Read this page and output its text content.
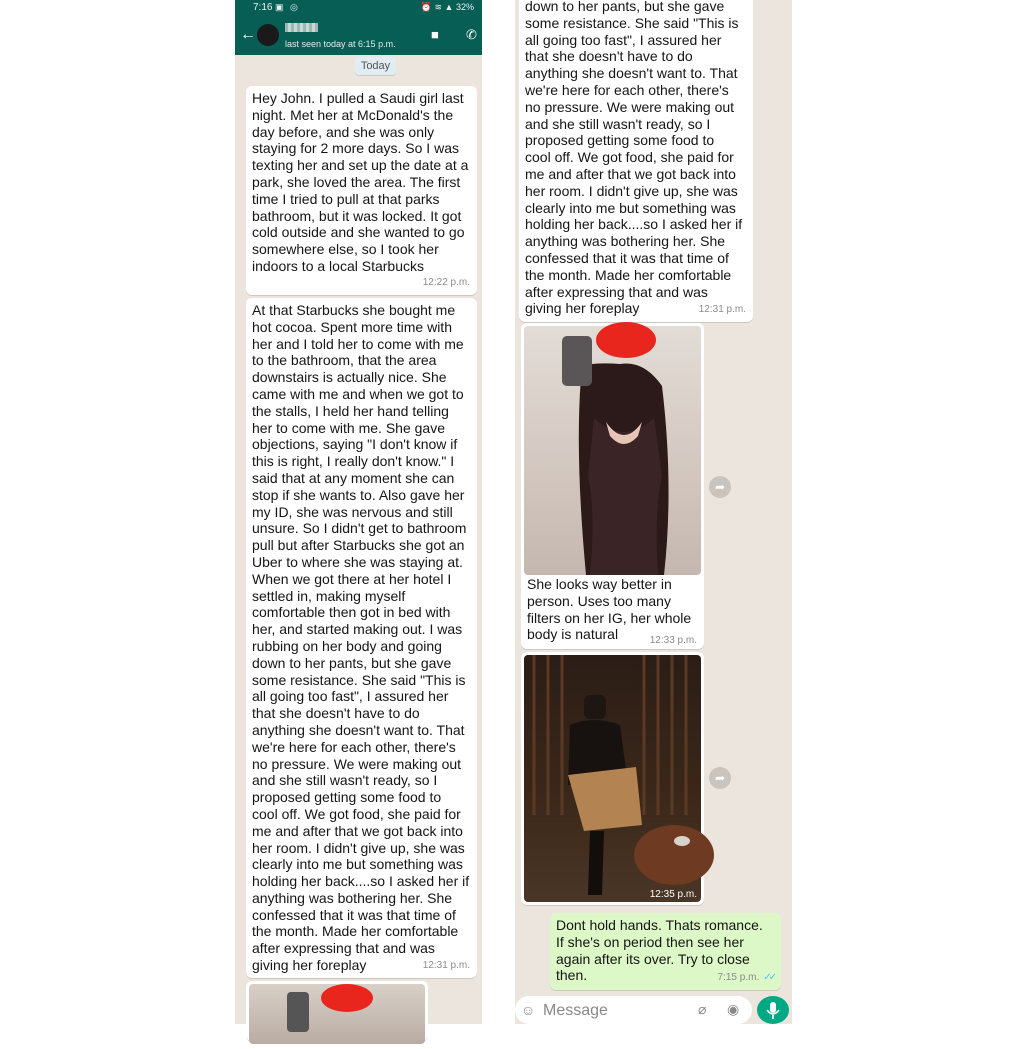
7:16 ▣ ◎	⏰ ≋ ▲ 32%
←
last seen today at 6:15 p.m.
■ ✆ ⋮
Today
Hey John. I pulled a Saudi girl last
night. Met her at McDonald's the
day before, and she was only
staying for 2 more days. So I was
texting her and set up the date at a
park, she loved the area. The first
time I tried to pull at that parks
bathroom, but it was locked. It got
cold outside and she wanted to go
somewhere else, so I took her
indoors to a local Starbucks
12:22 p.m.
At that Starbucks she bought me
hot cocoa. Spent more time with
her and I told her to come with me
to the bathroom, that the area
downstairs is actually nice. She
came with me and when we got to
the stalls, I held her hand telling
her to come with me. She gave
objections, saying "I don't know if
this is right, I really don't know." I
said that at any moment she can
stop if she wants to. Also gave her
my ID, she was nervous and still
unsure. So I didn't get to bathroom
pull but after Starbucks she got an
Uber to where she was staying at.
When we got there at her hotel I
settled in, making myself
comfortable then got in bed with
her, and started making out. I was
rubbing on her body and going
down to her pants, but she gave
some resistance. She said "This is
all going too fast", I assured her
that she doesn't have to do
anything she doesn't want to. That
we're here for each other, there's
no pressure. We were making out
and she still wasn't ready, so I
proposed getting some food to
cool off. We got food, she paid for
me and after that we got back into
her room. I didn't give up, she was
clearly into me but something was
holding her back....so I asked her if
anything was bothering her. She
confessed that it was that time of
the month. Made her comfortable
after expressing that and was
giving her foreplay	12:31 p.m.
down to her pants, but she gave
some resistance. She said "This is
all going too fast", I assured her
that she doesn't have to do
anything she doesn't want to. That
we're here for each other, there's
no pressure. We were making out
and she still wasn't ready, so I
proposed getting some food to
cool off. We got food, she paid for
me and after that we got back into
her room. I didn't give up, she was
clearly into me but something was
holding her back....so I asked her if
anything was bothering her. She
confessed that it was that time of
the month. Made her comfortable
after expressing that and was
giving her foreplay	12:31 p.m.
She looks way better in
person. Uses too many
filters on her IG, her whole
body is natural	12:33 p.m.
➦
12:35 p.m.
➦
Dont hold hands. Thats romance.
If she's on period then see her
again after its over. Try to close
then.	7:15 p.m. ✓✓
☺
Message	⌀ ◉
